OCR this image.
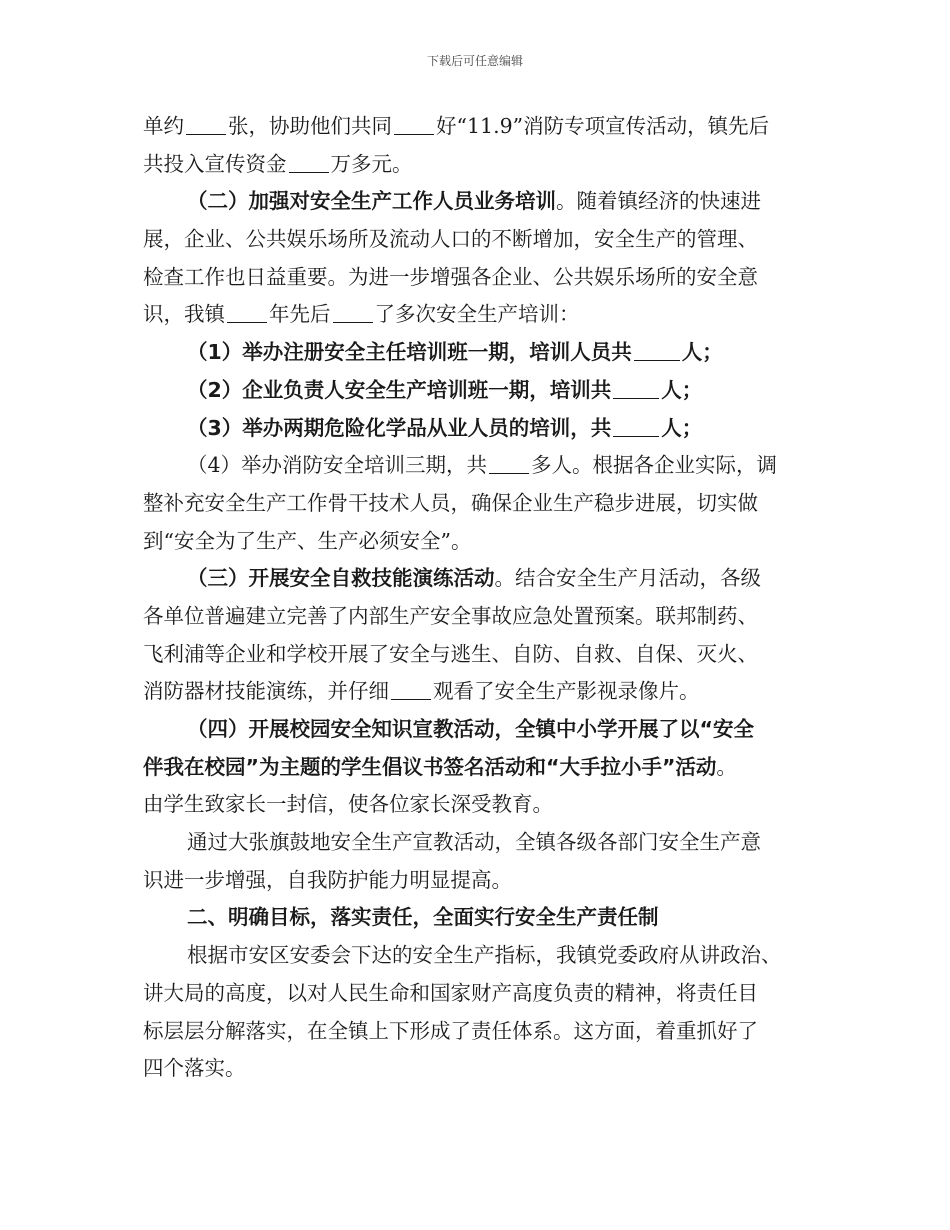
下载后可任意编辑
单约 张，协助他们共同 好“11.9”消防专项宣传活动，镇先后
共投入宣传资金 万多元。
（二）加强对安全生产工作人员业务培训。随着镇经济的快速进
展，企业、公共娱乐场所及流动人口的不断增加，安全生产的管理、
检查工作也日益重要。为进一步增强各企业、公共娱乐场所的安全意
识，我镇 年先后 了多次安全生产培训：
（1）举办注册安全主任培训班一期，培训人员共 人；
（2）企业负责人安全生产培训班一期，培训共 人；
（3）举办两期危险化学品从业人员的培训，共 人；
（4）举办消防安全培训三期，共 多人。根据各企业实际，调
整补充安全生产工作骨干技术人员，确保企业生产稳步进展，切实做
到“安全为了生产、生产必须安全”。
（三）开展安全自救技能演练活动。结合安全生产月活动，各级
各单位普遍建立完善了内部生产安全事故应急处置预案。联邦制药、
飞利浦等企业和学校开展了安全与逃生、自防、自救、自保、灭火、
消防器材技能演练，并仔细 观看了安全生产影视录像片。
（四）开展校园安全知识宣教活动，全镇中小学开展了以“安全
伴我在校园”为主题的学生倡议书签名活动和“大手拉小手”活动。
由学生致家长一封信，使各位家长深受教育。
通过大张旗鼓地安全生产宣教活动，全镇各级各部门安全生产意
识进一步增强，自我防护能力明显提高。
二、明确目标，落实责任，全面实行安全生产责任制
根据市安区安委会下达的安全生产指标，我镇党委政府从讲政治、
讲大局的高度，以对人民生命和国家财产高度负责的精神，将责任目
标层层分解落实，在全镇上下形成了责任体系。这方面，着重抓好了
四个落实。
